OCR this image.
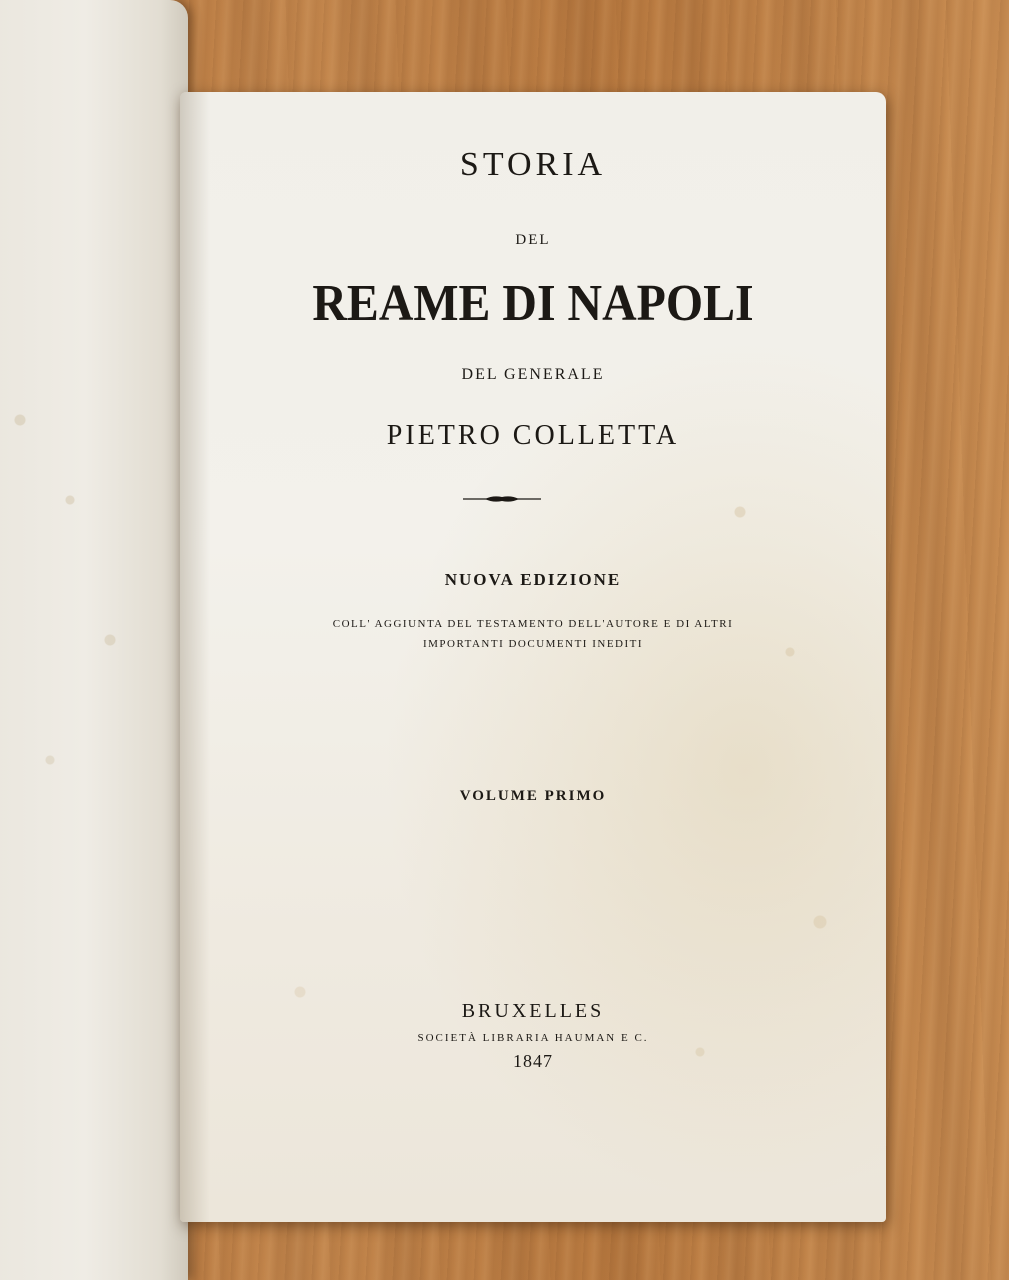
STORIA
DEL
REAME DI NAPOLI
DEL GENERALE
PIETRO COLLETTA
NUOVA EDIZIONE
COLL' AGGIUNTA DEL TESTAMENTO DELL'AUTORE E DI ALTRI
IMPORTANTI DOCUMENTI INEDITI
VOLUME PRIMO
BRUXELLES
SOCIETÀ LIBRARIA HAUMAN E C.
1847
